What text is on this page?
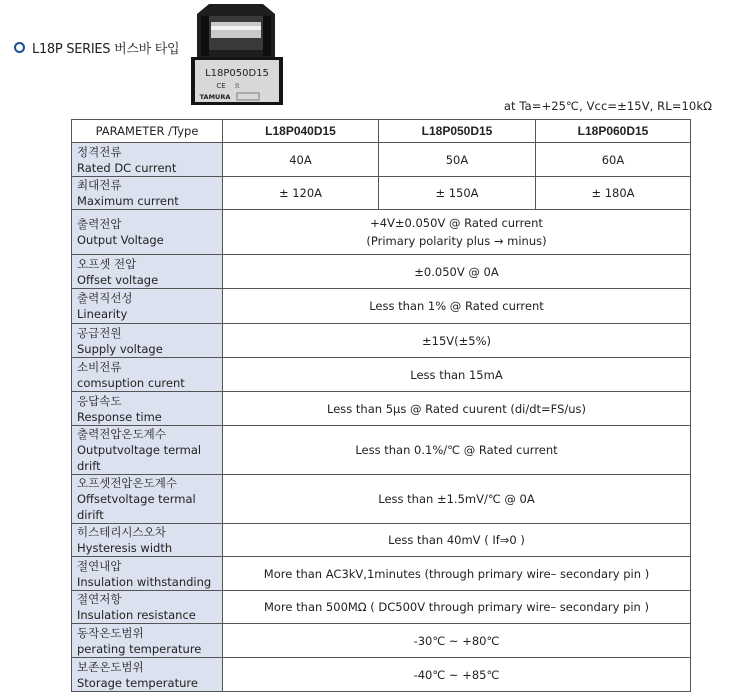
L18P SERIES 버스바 타입
L18P050D15
CE ℛ
TAMURA
at Ta=+25℃, Vcc=±15V, RL=10kΩ
PARAMETER /Type	L18P040D15	L18P050D15	L18P060D15

정격전류
Rated DC current	40A	50A	60A

최대전류
Maximum current	± 120A	± 150A	± 180A

출력전압
Output Voltage	+4V±0.050V @ Rated current
(Primary polarity plus → minus)		

오프셋 전압
Offset voltage	±0.050V @ 0A		

출력직선성
Linearity	Less than 1% @ Rated current		

공급전원
Supply voltage	±15V(±5%)		

소비전류
comsuption curent	Less than 15mA		

응답속도
Response time	Less than 5μs @ Rated cuurent (di/dt=FS/us)		

출력전압온도계수
Outputvoltage termal drift	Less than 0.1%/℃ @ Rated current		

오프셋전압온도계수
Offsetvoltage termal dirift	Less than ±1.5mV/℃ @ 0A		

히스테리시스오차
Hysteresis width	Less than 40mV ( If⇒0 )		

절연내압
Insulation withstanding	More than AC3kV,1minutes (through primary wire– secondary pin )		

절연저항
Insulation resistance	More than 500MΩ ( DC500V through primary wire– secondary pin )		

동작온도범위
perating temperature	-30℃ ~ +80℃		

보존온도범위
Storage temperature	-40℃ ~ +85℃		
